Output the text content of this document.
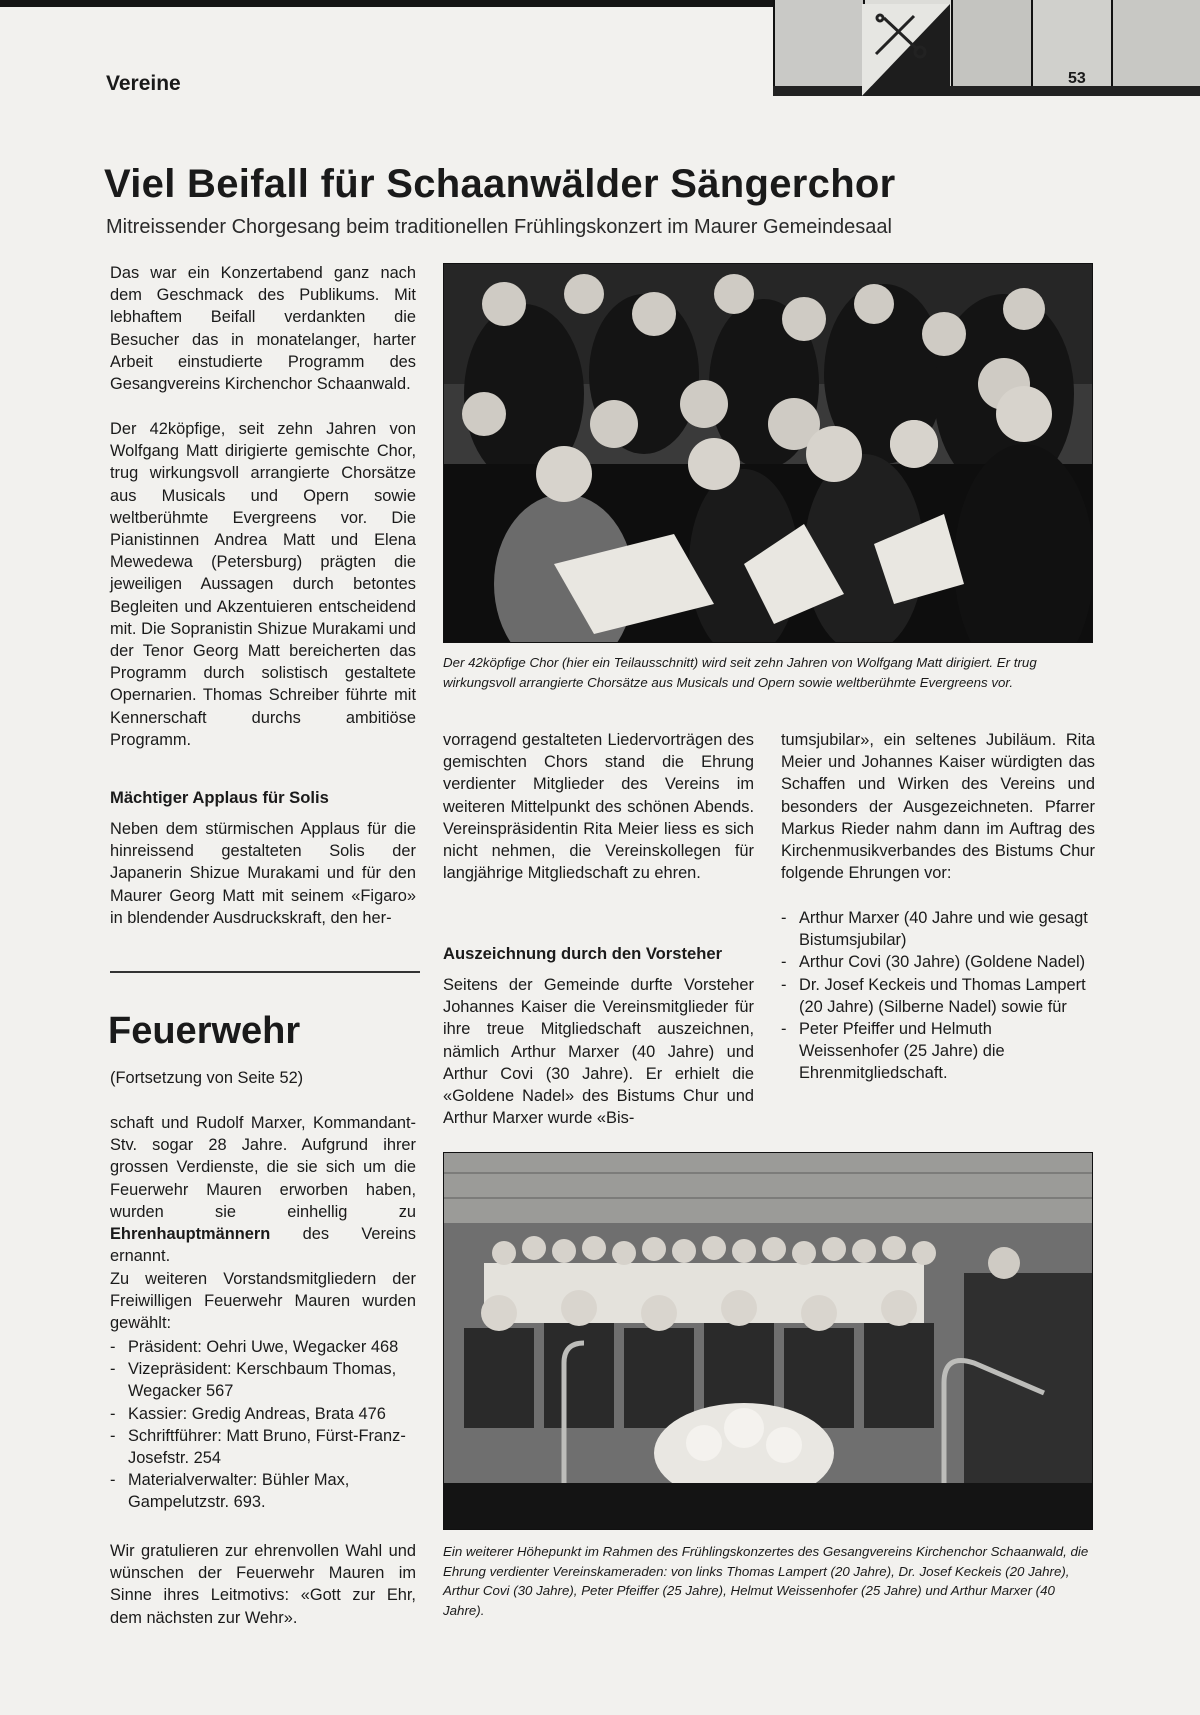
Vereine	53
Viel Beifall für Schaanwälder Sängerchor
Mitreissender Chorgesang beim traditionellen Frühlingskonzert im Maurer Gemeindesaal

Das war ein Konzertabend ganz nach dem Geschmack des Publikums. Mit lebhaftem Beifall verdankten die Besucher das in monatelanger, harter Arbeit einstudierte Programm des Gesangvereins Kirchenchor Schaanwald.

Der 42köpfige, seit zehn Jahren von Wolfgang Matt dirigierte gemischte Chor, trug wirkungsvoll arrangierte Chorsätze aus Musicals und Opern sowie weltberühmte Evergreens vor. Die Pianistinnen Andrea Matt und Elena Mewedewa (Petersburg) prägten die jeweiligen Aussagen durch betontes Begleiten und Akzentuieren entscheidend mit. Die Sopranistin Shizue Murakami und der Tenor Georg Matt bereicherten das Programm durch solistisch gestaltete Opernarien. Thomas Schreiber führte mit Kennerschaft durchs ambitiöse Programm.

Mächtiger Applaus für Solis

Neben dem stürmischen Applaus für die hinreissend gestalteten Solis der Japanerin Shizue Murakami und für den Maurer Georg Matt mit seinem «Figaro» in blendender Ausdruckskraft, den her-

Feuerwehr
(Fortsetzung von Seite 52)

schaft und Rudolf Marxer, Kommandant-Stv. sogar 28 Jahre. Aufgrund ihrer grossen Verdienste, die sie sich um die Feuerwehr Mauren erworben haben, wurden sie einhellig zu Ehrenhauptmännern des Vereins ernannt.

Zu weiteren Vorstandsmitgliedern der Freiwilligen Feuerwehr Mauren wurden gewählt:

- Präsident: Oehri Uwe, Wegacker 468
- Vizepräsident: Kerschbaum Thomas, Wegacker 567
- Kassier: Gredig Andreas, Brata 476
- Schriftführer: Matt Bruno, Fürst-Franz-Josefstr. 254
- Materialverwalter: Bühler Max, Gampelutzstr. 693.

Wir gratulieren zur ehrenvollen Wahl und wünschen der Feuerwehr Mauren im Sinne ihres Leitmotivs: «Gott zur Ehr, dem nächsten zur Wehr».

Der 42köpfige Chor (hier ein Teilausschnitt) wird seit zehn Jahren von Wolfgang Matt dirigiert. Er trug wirkungsvoll arrangierte Chorsätze aus Musicals und Opern sowie weltberühmte Evergreens vor.

vorragend gestalteten Liedervorträgen des gemischten Chors stand die Ehrung verdienter Mitglieder des Vereins im weiteren Mittelpunkt des schönen Abends. Vereinspräsidentin Rita Meier liess es sich nicht nehmen, die Vereinskollegen für langjährige Mitgliedschaft zu ehren.

Auszeichnung durch den Vorsteher

Seitens der Gemeinde durfte Vorsteher Johannes Kaiser die Vereinsmitglieder für ihre treue Mitgliedschaft auszeichnen, nämlich Arthur Marxer (40 Jahre) und Arthur Covi (30 Jahre). Er erhielt die «Goldene Nadel» des Bistums Chur und Arthur Marxer wurde «Bis-

tumsjubilar», ein seltenes Jubiläum. Rita Meier und Johannes Kaiser würdigten das Schaffen und Wirken des Vereins und besonders der Ausgezeichneten. Pfarrer Markus Rieder nahm dann im Auftrag des Kirchenmusikverbandes des Bistums Chur folgende Ehrungen vor:

- Arthur Marxer (40 Jahre und wie gesagt Bistumsjubilar)
- Arthur Covi (30 Jahre) (Goldene Nadel)
- Dr. Josef Keckeis und Thomas Lampert (20 Jahre) (Silberne Nadel) sowie für
- Peter Pfeiffer und Helmuth Weissenhofer (25 Jahre) die Ehrenmitgliedschaft.

Ein weiterer Höhepunkt im Rahmen des Frühlingskonzertes des Gesangvereins Kirchenchor Schaanwald, die Ehrung verdienter Vereinskameraden: von links Thomas Lampert (20 Jahre), Dr. Josef Keckeis (20 Jahre), Arthur Covi (30 Jahre), Peter Pfeiffer (25 Jahre), Helmut Weissenhofer (25 Jahre) und Arthur Marxer (40 Jahre).
